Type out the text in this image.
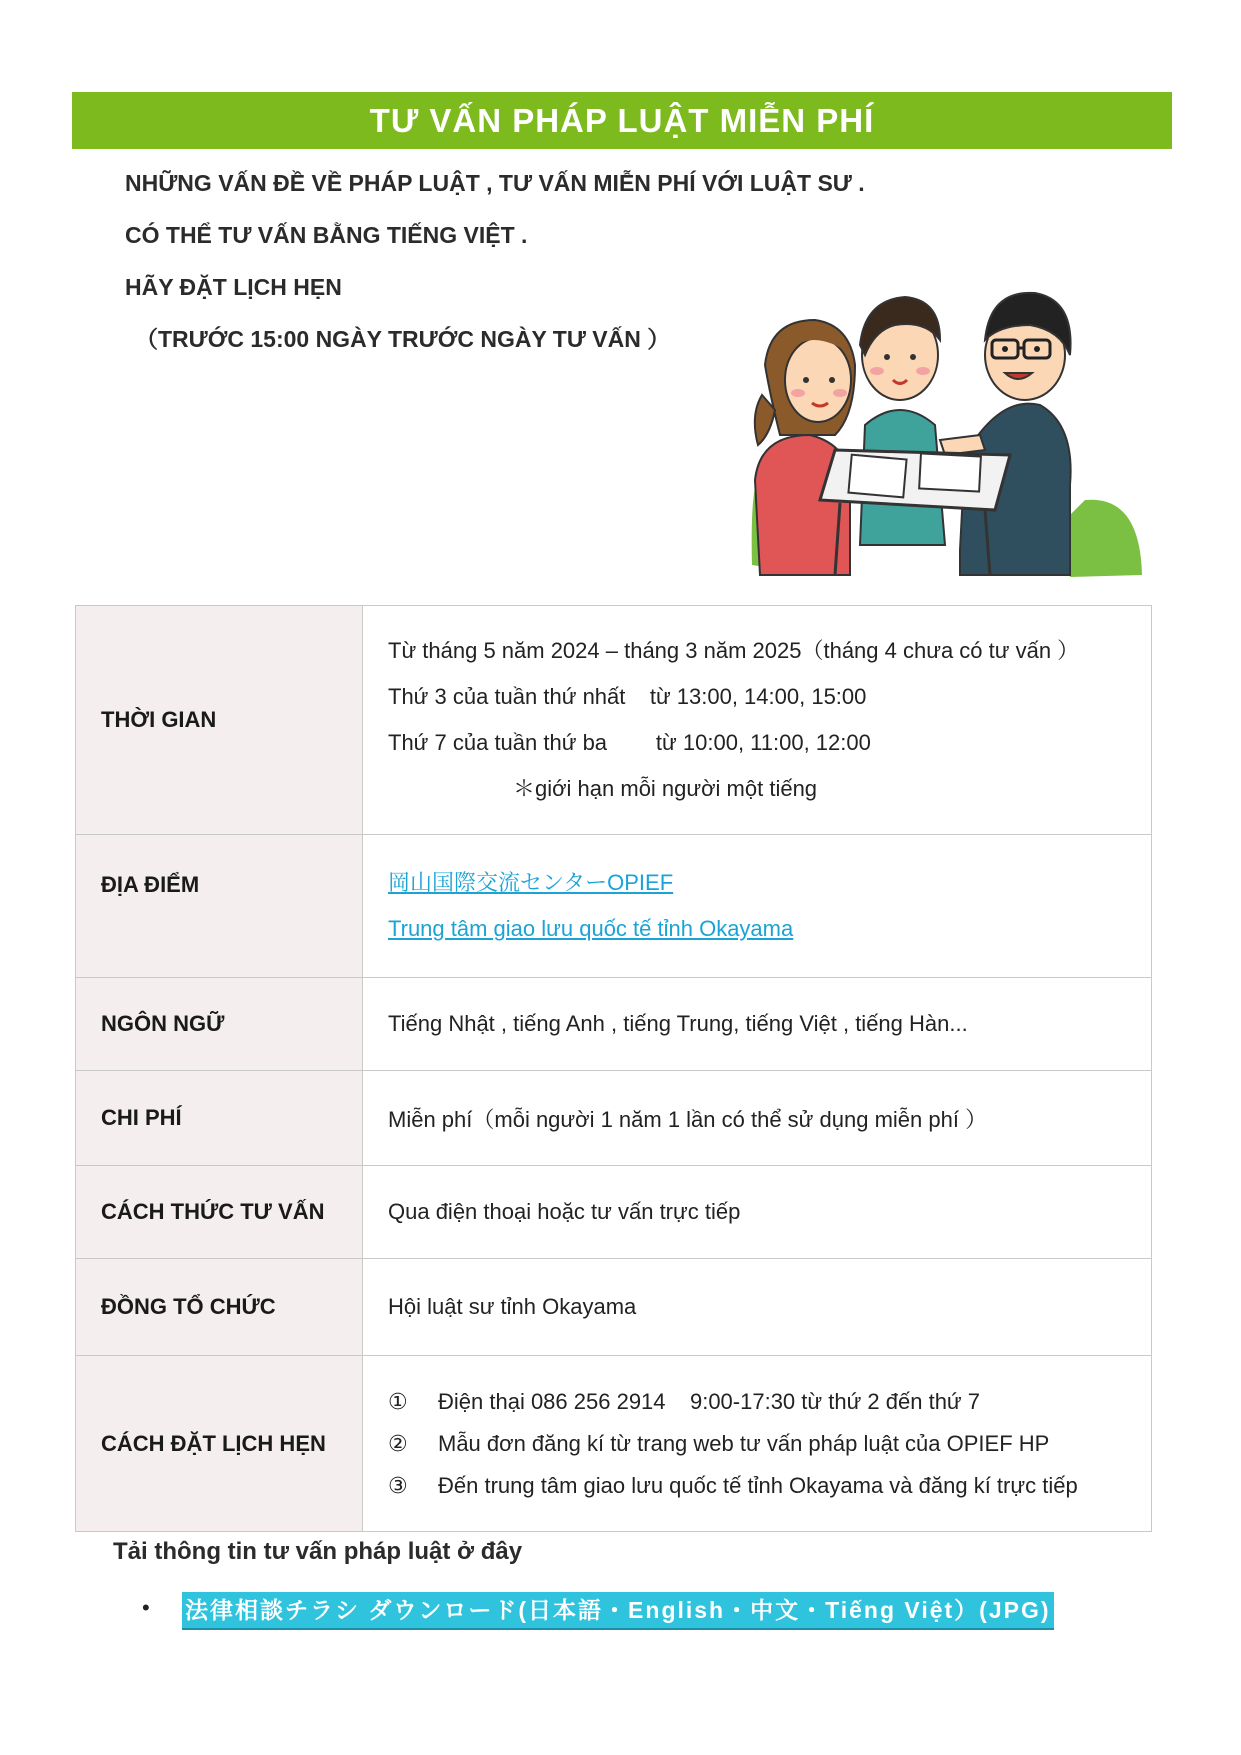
TƯ VẤN PHÁP LUẬT MIỄN PHÍ
NHỮNG VẤN ĐỀ VỀ PHÁP LUẬT , TƯ VẤN MIỄN PHÍ VỚI LUẬT SƯ .
CÓ THỂ TƯ VẤN BẰNG TIẾNG VIỆT .
HÃY ĐẶT LỊCH HẸN
（TRƯỚC 15:00 NGÀY TRƯỚC NGÀY TƯ VẤN ）
THỜI GIAN	Từ tháng 5 năm 2024 – tháng 3 năm 2025（tháng 4 chưa có tư vấn ）
Thứ 3 của tuần thứ nhất    từ 13:00, 14:00, 15:00
Thứ 7 của tuần thứ ba        từ 10:00, 11:00, 12:00
＊giới hạn mỗi người một tiếng

ĐỊA ĐIỂM	岡山国際交流センターOPIEF
Trung tâm giao lưu quốc tế tỉnh Okayama

NGÔN NGỮ	Tiếng Nhật , tiếng Anh , tiếng Trung, tiếng Việt , tiếng Hàn...
CHI PHÍ	Miễn phí（mỗi người 1 năm 1 lần có thể sử dụng miễn phí ）
CÁCH THỨC TƯ VẤN	Qua điện thoại hoặc tư vấn trực tiếp
ĐỒNG TỔ CHỨC	Hội luật sư tỉnh Okayama
CÁCH ĐẶT LỊCH HẸN	① Điện thại 086 256 2914    9:00-17:30 từ thứ 2 đến thứ 7
② Mẫu đơn đăng kí từ trang web tư vấn pháp luật của OPIEF HP
③ Đến trung tâm giao lưu quốc tế tỉnh Okayama và đăng kí trực tiếp
Tải thông tin tư vấn pháp luật ở đây
• 法律相談チラシ ダウンロード(日本語・English・中文・Tiếng Việt）(JPG)
